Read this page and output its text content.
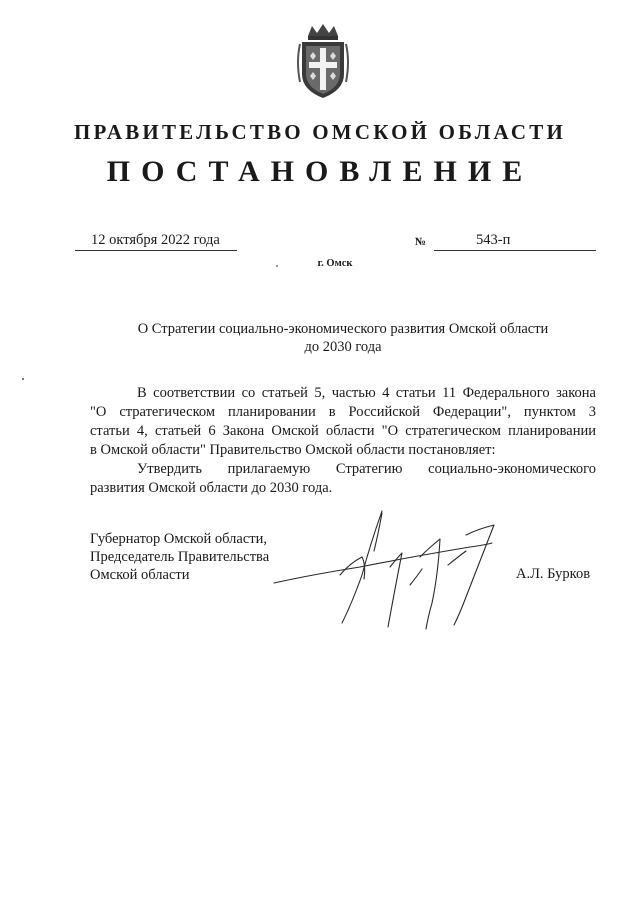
ПРАВИТЕЛЬСТВО ОМСКОЙ ОБЛАСТИ
ПОСТАНОВЛЕНИЕ
12 октября 2022 года	№	543-п
г. Омск
О Стратегии социально-экономического развития Омской области
до 2030 года
В соответствии со статьей 5, частью 4 статьи 11 Федерального закона
"О стратегическом планировании в Российской Федерации", пунктом 3
статьи 4, статьей 6 Закона Омской области "О стратегическом планировании
в Омской области" Правительство Омской области постановляет:
Утвердить прилагаемую Стратегию социально-экономического
развития Омской области до 2030 года.
Губернатор Омской области,
Председатель Правительства
Омской области	А.Л. Бурков
